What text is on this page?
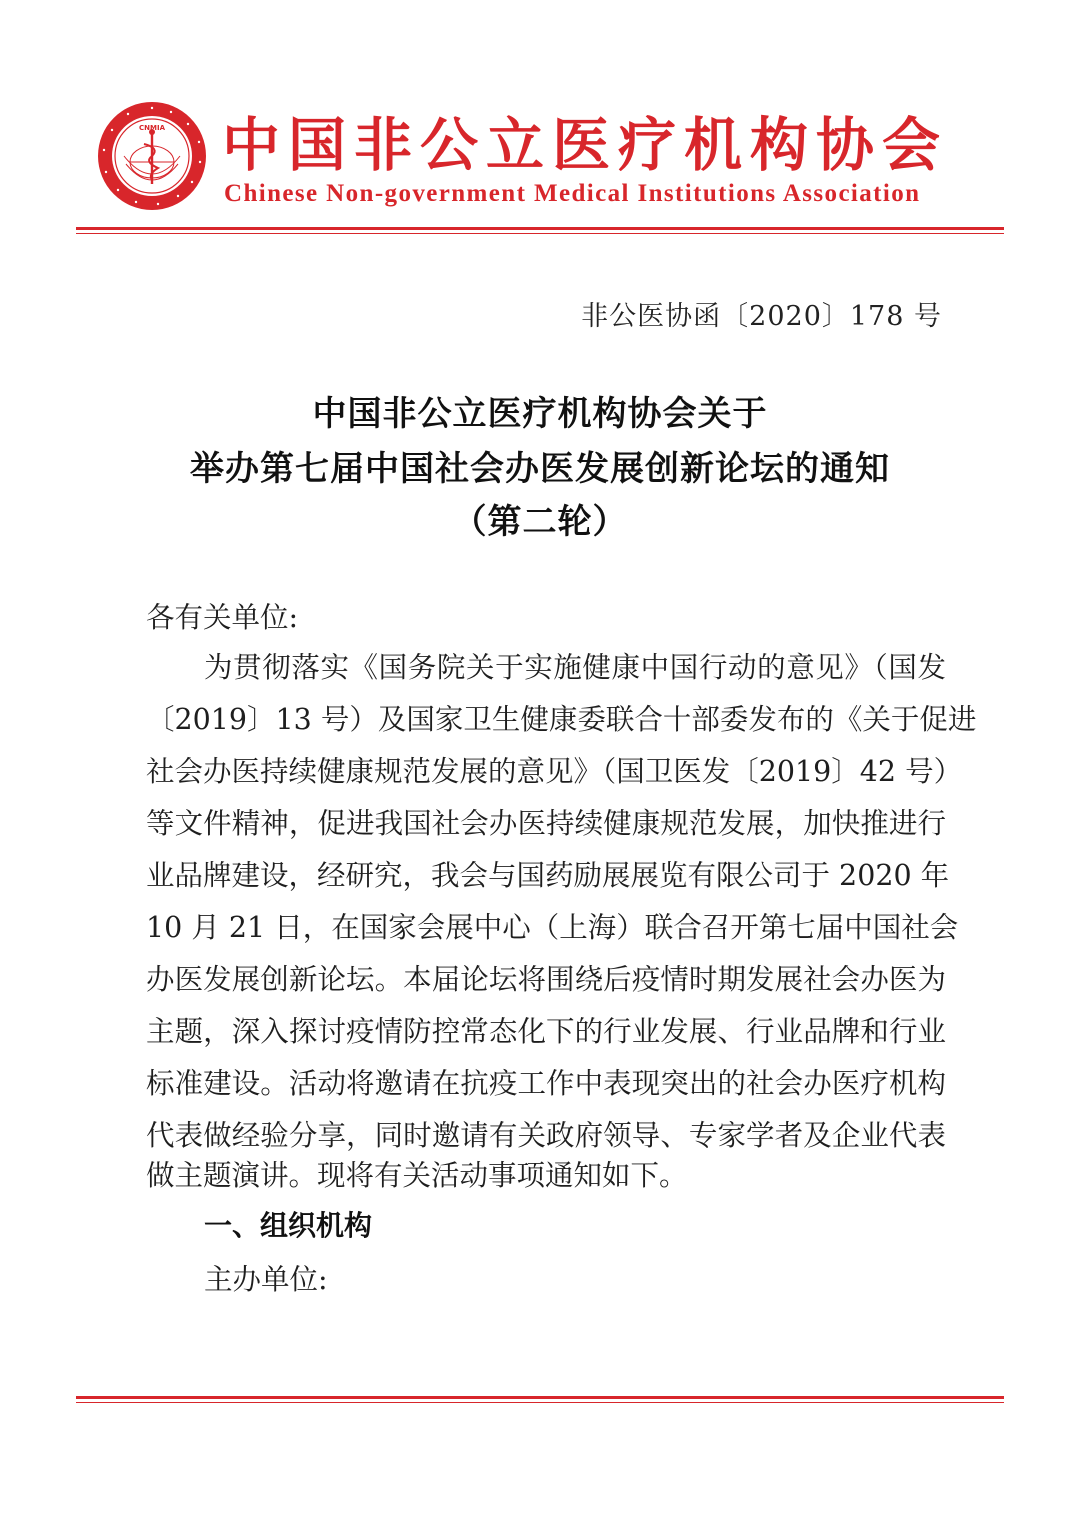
CNMIA 中国非公立医疗机构协会
Chinese Non-government Medical Institutions Association
非公医协函〔2020〕178 号
中国非公立医疗机构协会关于
举办第七届中国社会办医发展创新论坛的通知
（第二轮）
各有关单位:
为贯彻落实《国务院关于实施健康中国行动的意见》（国发
〔2019〕13 号）及国家卫生健康委联合十部委发布的《关于促进
社会办医持续健康规范发展的意见》（国卫医发〔2019〕42 号）
等文件精神，促进我国社会办医持续健康规范发展，加快推进行
业品牌建设，经研究，我会与国药励展展览有限公司于 2020 年
10 月 21 日，在国家会展中心（上海）联合召开第七届中国社会
办医发展创新论坛。本届论坛将围绕后疫情时期发展社会办医为
主题，深入探讨疫情防控常态化下的行业发展、行业品牌和行业
标准建设。活动将邀请在抗疫工作中表现突出的社会办医疗机构
代表做经验分享，同时邀请有关政府领导、专家学者及企业代表
做主题演讲。现将有关活动事项通知如下。
一、组织机构
主办单位:
